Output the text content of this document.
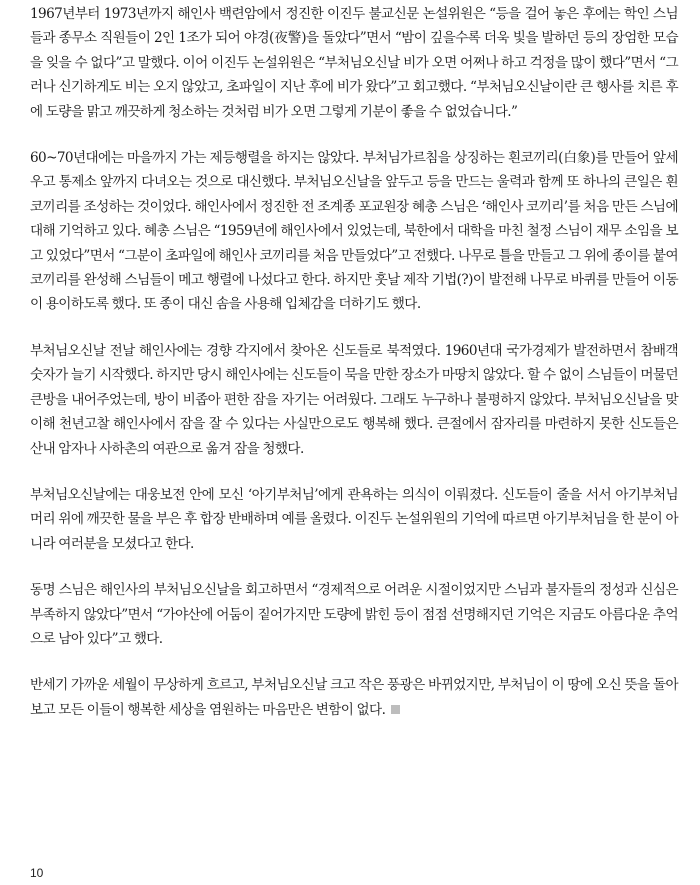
1967년부터 1973년까지 해인사 백련암에서 정진한 이진두 불교신문 논설위원은 “등을 걸어 놓은 후에는 학인 스님들과 종무소 직원들이 2인 1조가 되어 야경(夜警)을 돌았다”면서 “밤이 깊을수록 더욱 빛을 발하던 등의 장엄한 모습을 잊을 수 없다”고 말했다. 이어 이진두 논설위원은 “부처님오신날 비가 오면 어쩌나 하고 걱정을 많이 했다”면서 “그러나 신기하게도 비는 오지 않았고, 초파일이 지난 후에 비가 왔다”고 회고했다. “부처님오신날이란 큰 행사를 치른 후에 도량을 맑고 깨끗하게 청소하는 것처럼 비가 오면 그렇게 기분이 좋을 수 없었습니다.”

60~70년대에는 마을까지 가는 제등행렬을 하지는 않았다. 부처님가르침을 상징하는 흰코끼리(白象)를 만들어 앞세우고 통제소 앞까지 다녀오는 것으로 대신했다. 부처님오신날을 앞두고 등을 만드는 울력과 함께 또 하나의 큰일은 흰코끼리를 조성하는 것이었다. 해인사에서 정진한 전 조계종 포교원장 혜총 스님은 ‘해인사 코끼리’를 처음 만든 스님에 대해 기억하고 있다. 혜총 스님은 “1959년에 해인사에서 있었는데, 북한에서 대학을 마친 철정 스님이 재무 소임을 보고 있었다”면서 “그분이 초파일에 해인사 코끼리를 처음 만들었다”고 전했다. 나무로 틀을 만들고 그 위에 종이를 붙여 코끼리를 완성해 스님들이 메고 행렬에 나섰다고 한다. 하지만 훗날 제작 기법(?)이 발전해 나무로 바퀴를 만들어 이동이 용이하도록 했다. 또 종이 대신 솜을 사용해 입체감을 더하기도 했다.

부처님오신날 전날 해인사에는 경향 각지에서 찾아온 신도들로 북적였다. 1960년대 국가경제가 발전하면서 참배객 숫자가 늘기 시작했다. 하지만 당시 해인사에는 신도들이 묵을 만한 장소가 마땅치 않았다. 할 수 없이 스님들이 머물던 큰방을 내어주었는데, 방이 비좁아 편한 잠을 자기는 어려웠다. 그래도 누구하나 불평하지 않았다. 부처님오신날을 맞이해 천년고찰 해인사에서 잠을 잘 수 있다는 사실만으로도 행복해 했다. 큰절에서 잠자리를 마련하지 못한 신도들은 산내 암자나 사하촌의 여관으로 옮겨 잠을 청했다.

부처님오신날에는 대웅보전 안에 모신 ‘아기부처님’에게 관욕하는 의식이 이뤄졌다. 신도들이 줄을 서서 아기부처님 머리 위에 깨끗한 물을 부은 후 합장 반배하며 예를 올렸다. 이진두 논설위원의 기억에 따르면 아기부처님을 한 분이 아니라 여러분을 모셨다고 한다.

동명 스님은 해인사의 부처님오신날을 회고하면서 “경제적으로 어려운 시절이었지만 스님과 불자들의 정성과 신심은 부족하지 않았다”면서 “가야산에 어둠이 짙어가지만 도량에 밝힌 등이 점점 선명해지던 기억은 지금도 아름다운 추억으로 남아 있다”고 했다.

반세기 가까운 세월이 무상하게 흐르고, 부처님오신날 크고 작은 풍광은 바뀌었지만, 부처님이 이 땅에 오신 뜻을 돌아보고 모든 이들이 행복한 세상을 염원하는 마음만은 변함이 없다.

10
